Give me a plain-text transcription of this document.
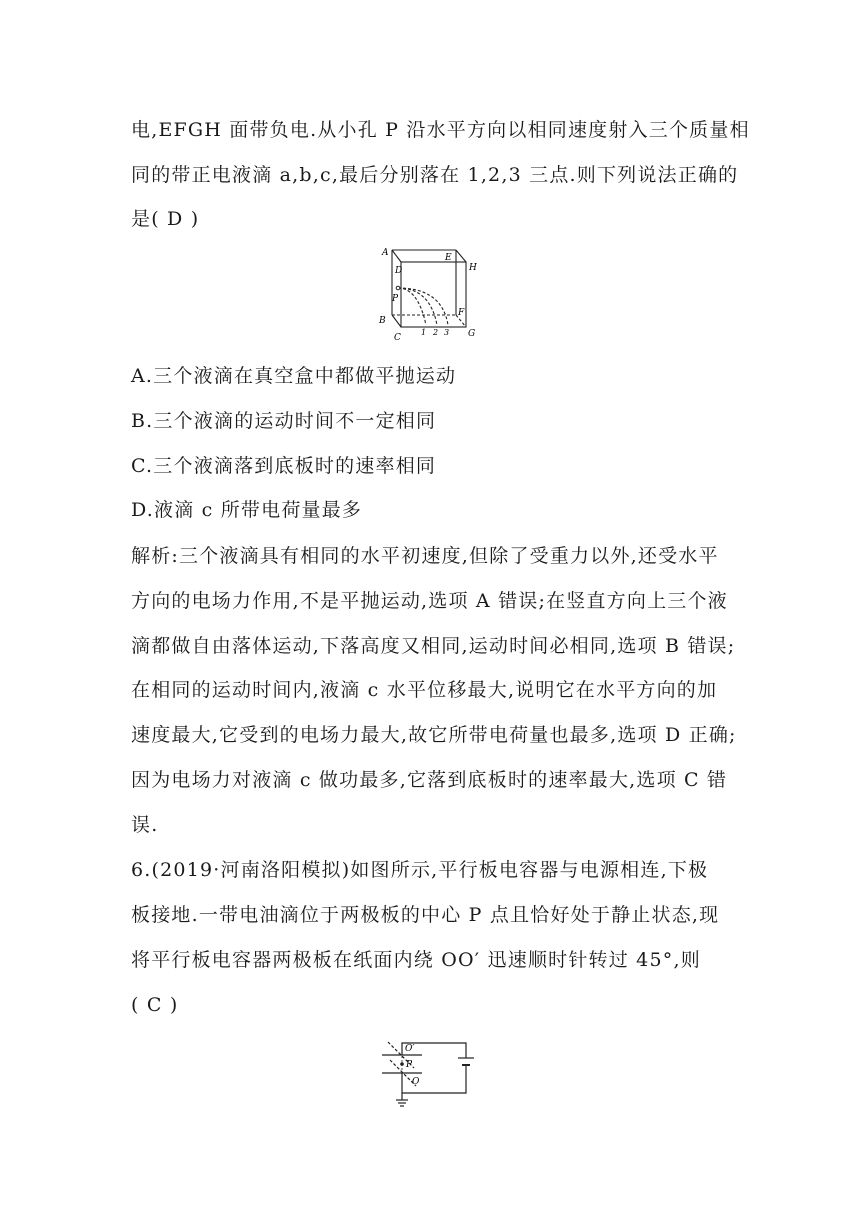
电,EFGH 面带负电.从小孔 P 沿水平方向以相同速度射入三个质量相
同的带正电液滴 a,b,c,最后分别落在 1,2,3 三点.则下列说法正确的
是( D )
A
D
E
H
P
B
F
C	G
1 2 3
A.三个液滴在真空盒中都做平抛运动
B.三个液滴的运动时间不一定相同
C.三个液滴落到底板时的速率相同
D.液滴 c 所带电荷量最多
解析:三个液滴具有相同的水平初速度,但除了受重力以外,还受水平
方向的电场力作用,不是平抛运动,选项 A 错误;在竖直方向上三个液
滴都做自由落体运动,下落高度又相同,运动时间必相同,选项 B 错误;
在相同的运动时间内,液滴 c 水平位移最大,说明它在水平方向的加
速度最大,它受到的电场力最大,故它所带电荷量也最多,选项 D 正确;
因为电场力对液滴 c 做功最多,它落到底板时的速率最大,选项 C 错
误.
6.(2019·河南洛阳模拟)如图所示,平行板电容器与电源相连,下极
板接地.一带电油滴位于两极板的中心 P 点且恰好处于静止状态,现
将平行板电容器两极板在纸面内绕 OO′ 迅速顺时针转过 45°,则
( C )
O′
P
O
